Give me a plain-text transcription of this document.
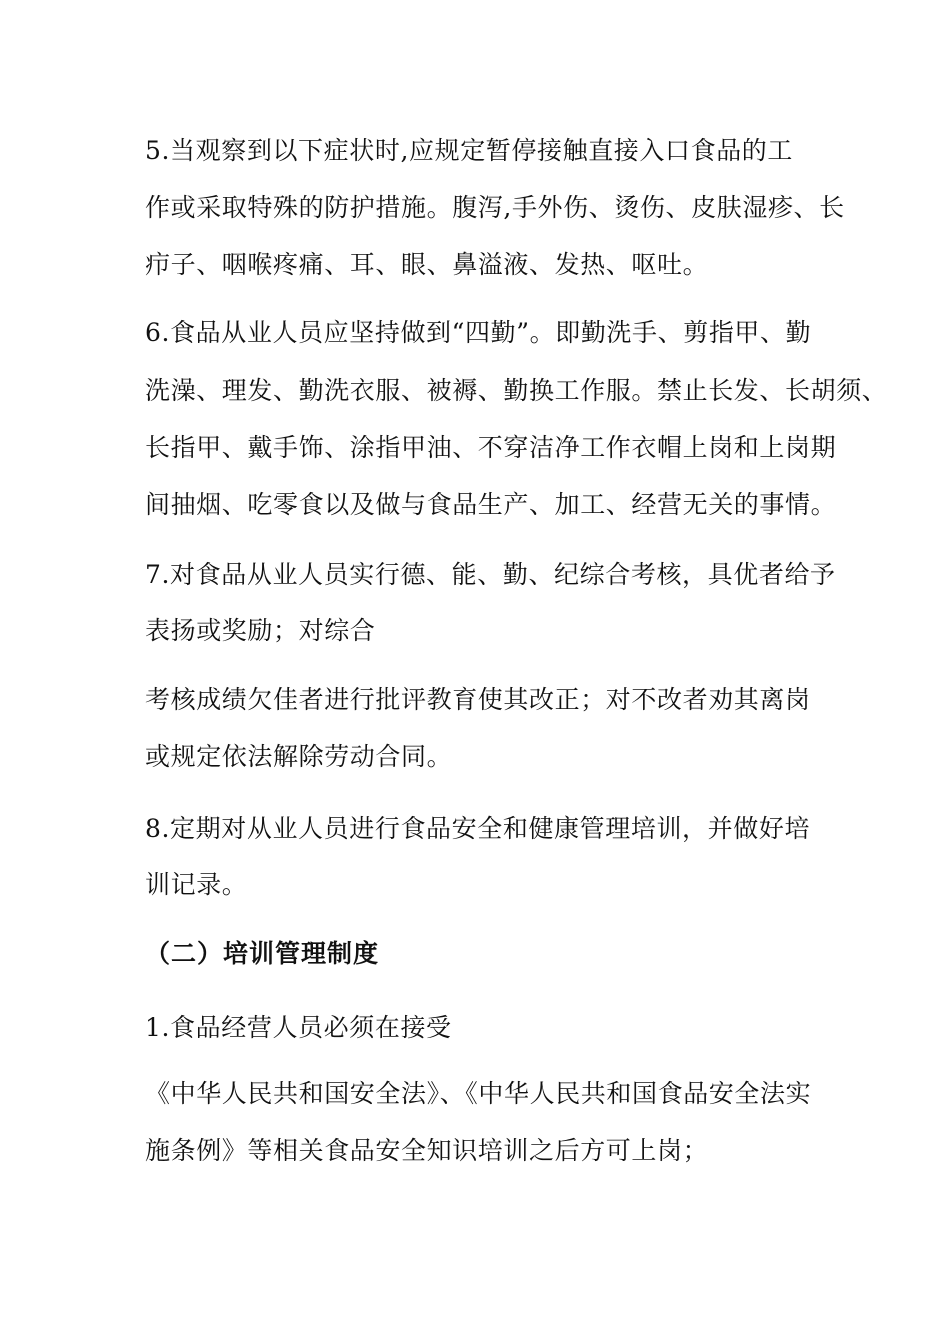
5.当观察到以下症状时,应规定暂停接触直接入口食品的工
作或采取特殊的防护措施。腹泻,手外伤、烫伤、皮肤湿疹、长
疖子、咽喉疼痛、耳、眼、鼻溢液、发热、呕吐。
6.食品从业人员应坚持做到“四勤”。即勤洗手、剪指甲、勤
洗澡、理发、勤洗衣服、被褥、勤换工作服。禁止长发、长胡须、
长指甲、戴手饰、涂指甲油、不穿洁净工作衣帽上岗和上岗期
间抽烟、吃零食以及做与食品生产、加工、经营无关的事情。
7.对食品从业人员实行德、能、勤、纪综合考核，具优者给予
表扬或奖励；对综合
考核成绩欠佳者进行批评教育使其改正；对不改者劝其离岗
或规定依法解除劳动合同。
8.定期对从业人员进行食品安全和健康管理培训，并做好培
训记录。
（二）培训管理制度
1.食品经营人员必须在接受
《中华人民共和国安全法》、《中华人民共和国食品安全法实
施条例》等相关食品安全知识培训之后方可上岗；
